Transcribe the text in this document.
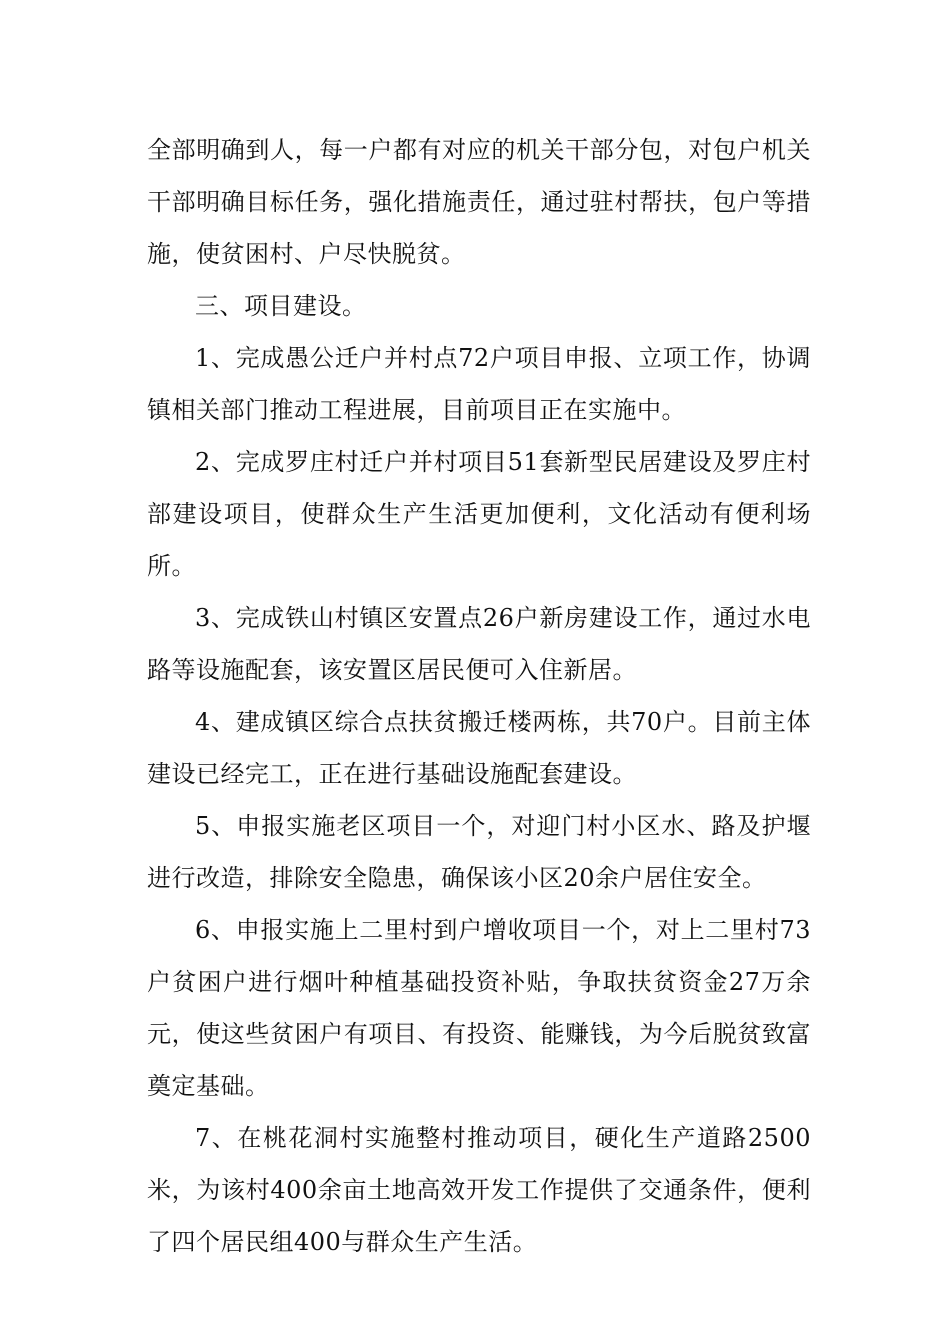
全部明确到人，每一户都有对应的机关干部分包，对包户机关干部明确目标任务，强化措施责任，通过驻村帮扶，包户等措施，使贫困村、户尽快脱贫。

三、项目建设。

1、完成愚公迁户并村点72户项目申报、立项工作，协调镇相关部门推动工程进展，目前项目正在实施中。

2、完成罗庄村迁户并村项目51套新型民居建设及罗庄村部建设项目，使群众生产生活更加便利，文化活动有便利场所。

3、完成铁山村镇区安置点26户新房建设工作，通过水电路等设施配套，该安置区居民便可入住新居。

4、建成镇区综合点扶贫搬迁楼两栋，共70户。目前主体建设已经完工，正在进行基础设施配套建设。

5、申报实施老区项目一个，对迎门村小区水、路及护堰进行改造，排除安全隐患，确保该小区20余户居住安全。

6、申报实施上二里村到户增收项目一个，对上二里村73户贫困户进行烟叶种植基础投资补贴，争取扶贫资金27万余元，使这些贫困户有项目、有投资、能赚钱，为今后脱贫致富奠定基础。

7、在桃花洞村实施整村推动项目，硬化生产道路2500米，为该村400余亩土地高效开发工作提供了交通条件，便利了四个居民组400与群众生产生活。
